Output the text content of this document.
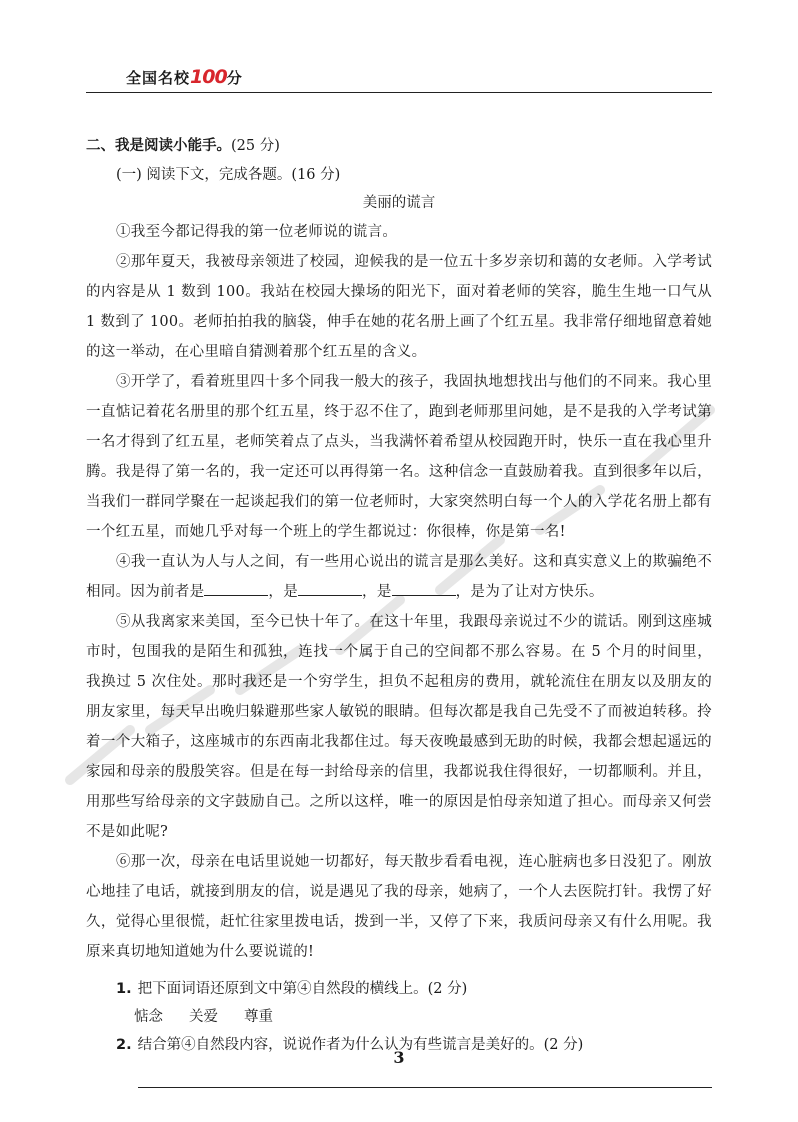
全国名校100分

二、我是阅读小能手。(25 分)

(一) 阅读下文，完成各题。(16 分)

美丽的谎言

①我至今都记得我的第一位老师说的谎言。

②那年夏天，我被母亲领进了校园，迎候我的是一位五十多岁亲切和蔼的女老师。入学考试的内容是从 1 数到 100。我站在校园大操场的阳光下，面对着老师的笑容，脆生生地一口气从 1 数到了 100。老师拍拍我的脑袋，伸手在她的花名册上画了个红五星。我非常仔细地留意着她的这一举动，在心里暗自猜测着那个红五星的含义。

③开学了，看着班里四十多个同我一般大的孩子，我固执地想找出与他们的不同来。我心里一直惦记着花名册里的那个红五星，终于忍不住了，跑到老师那里问她，是不是我的入学考试第一名才得到了红五星，老师笑着点了点头，当我满怀着希望从校园跑开时，快乐一直在我心里升腾。我是得了第一名的，我一定还可以再得第一名。这种信念一直鼓励着我。直到很多年以后，当我们一群同学聚在一起谈起我们的第一位老师时，大家突然明白每一个人的入学花名册上都有一个红五星，而她几乎对每一个班上的学生都说过：你很棒，你是第一名!

④我一直认为人与人之间，有一些用心说出的谎言是那么美好。这和真实意义上的欺骗绝不相同。因为前者是	，是	，是	，是为了让对方快乐。

⑤从我离家来美国，至今已快十年了。在这十年里，我跟母亲说过不少的谎话。刚到这座城市时，包围我的是陌生和孤独，连找一个属于自己的空间都不那么容易。在 5 个月的时间里，我换过 5 次住处。那时我还是一个穷学生，担负不起租房的费用，就轮流住在朋友以及朋友的朋友家里，每天早出晚归躲避那些家人敏锐的眼睛。但每次都是我自己先受不了而被迫转移。拎着一个大箱子，这座城市的东西南北我都住过。每天夜晚最感到无助的时候，我都会想起遥远的家园和母亲的殷殷笑容。但是在每一封给母亲的信里，我都说我住得很好，一切都顺利。并且，用那些写给母亲的文字鼓励自己。之所以这样，唯一的原因是怕母亲知道了担心。而母亲又何尝不是如此呢?

⑥那一次，母亲在电话里说她一切都好，每天散步看看电视，连心脏病也多日没犯了。刚放心地挂了电话，就接到朋友的信，说是遇见了我的母亲，她病了，一个人去医院打针。我愣了好久，觉得心里很慌，赶忙往家里拨电话，拨到一半，又停了下来，我质问母亲又有什么用呢。我原来真切地知道她为什么要说谎的!

1. 把下面词语还原到文中第④自然段的横线上。(2 分)

惦念 关爱 尊重

2. 结合第④自然段内容，说说作者为什么认为有些谎言是美好的。(2 分)

3
